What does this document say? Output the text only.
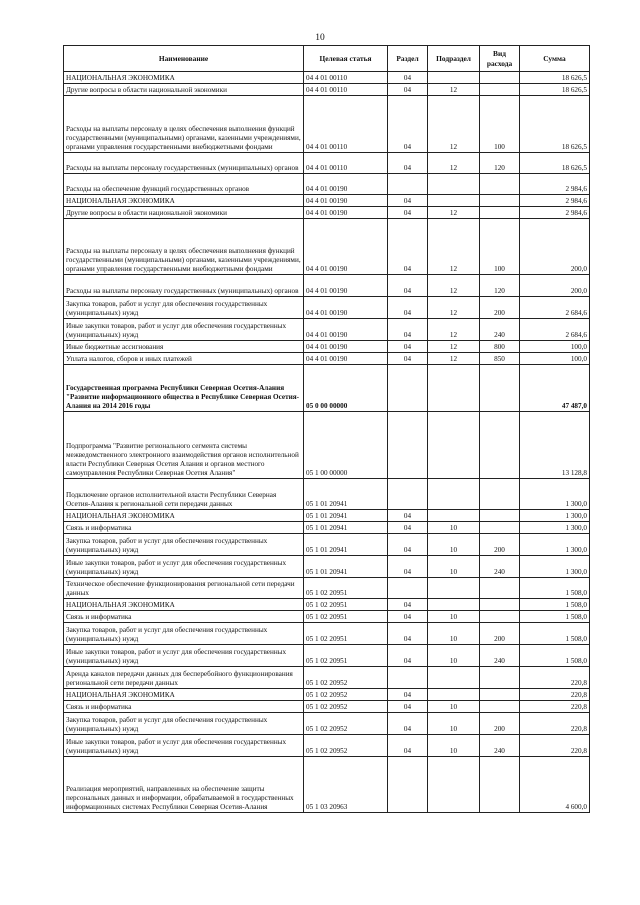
10
Наименование	Целевая статья	Раздел	Подраздел	Вид расхода	Сумма
НАЦИОНАЛЬНАЯ ЭКОНОМИКА	04 4 01 00110	04			18 626,5
Другие вопросы в области национальной экономики	04 4 01 00110	04	12		18 626,5
Расходы на выплаты персоналу в целях обеспечения выполнения функций государственными (муниципальными) органами, казенными учреждениями, органами управления государственными внебюджетными фондами	04 4 01 00110	04	12	100	18 626,5
Расходы на выплаты персоналу государственных (муниципальных) органов	04 4 01 00110	04	12	120	18 626,5
Расходы на обеспечение функций государственных органов	04 4 01 00190				2 984,6
НАЦИОНАЛЬНАЯ ЭКОНОМИКА	04 4 01 00190	04			2 984,6
Другие вопросы в области национальной экономики	04 4 01 00190	04	12		2 984,6
Расходы на выплаты персоналу в целях обеспечения выполнения функций государственными (муниципальными) органами, казенными учреждениями, органами управления государственными внебюджетными фондами	04 4 01 00190	04	12	100	200,0
Расходы на выплаты персоналу государственных (муниципальных) органов	04 4 01 00190	04	12	120	200,0
Закупка товаров, работ и услуг для обеспечения государственных (муниципальных) нужд	04 4 01 00190	04	12	200	2 684,6
Иные закупки товаров, работ и услуг для обеспечения государственных (муниципальных) нужд	04 4 01 00190	04	12	240	2 684,6
Иные бюджетные ассигнования	04 4 01 00190	04	12	800	100,0
Уплата налогов, сборов и иных платежей	04 4 01 00190	04	12	850	100,0
Государственная программа Республики Северная Осетия-Алания "Развитие информационного общества в Республике Северная Осетия-Алания на 2014 2016 годы	05 0 00 00000				47 487,0
Подпрограмма "Развитие регионального сегмента системы межведомственного электронного взаимодействия органов исполнительной власти Республики Северная Осетия Алания и органов местного самоуправления Республики Северная Осетия Алания"	05 1 00 00000				13 128,8
Подключение органов исполнительной власти Республики Северная Осетия-Алания к региональной сети передачи данных	05 1 01 20941				1 300,0
НАЦИОНАЛЬНАЯ ЭКОНОМИКА	05 1 01 20941	04			1 300,0
Связь и информатика	05 1 01 20941	04	10		1 300,0
Закупка товаров, работ и услуг для обеспечения государственных (муниципальных) нужд	05 1 01 20941	04	10	200	1 300,0
Иные закупки товаров, работ и услуг для обеспечения государственных (муниципальных) нужд	05 1 01 20941	04	10	240	1 300,0
Техническое обеспечение функционирования региональной сети передачи данных	05 1 02 20951				1 508,0
НАЦИОНАЛЬНАЯ ЭКОНОМИКА	05 1 02 20951	04			1 508,0
Связь и информатика	05 1 02 20951	04	10		1 508,0
Закупка товаров, работ и услуг для обеспечения государственных (муниципальных) нужд	05 1 02 20951	04	10	200	1 508,0
Иные закупки товаров, работ и услуг для обеспечения государственных (муниципальных) нужд	05 1 02 20951	04	10	240	1 508,0
Аренда каналов передачи данных для бесперебойного функционирования региональной сети передачи данных	05 1 02 20952				220,8
НАЦИОНАЛЬНАЯ ЭКОНОМИКА	05 1 02 20952	04			220,8
Связь и информатика	05 1 02 20952	04	10		220,8
Закупка товаров, работ и услуг для обеспечения государственных (муниципальных) нужд	05 1 02 20952	04	10	200	220,8
Иные закупки товаров, работ и услуг для обеспечения государственных (муниципальных) нужд	05 1 02 20952	04	10	240	220,8
Реализация мероприятий, направленных на обеспечение защиты персональных данных и информации, обрабатываемой в государственных информационных системах Республики Северная Осетия-Алания	05 1 03 20963				4 600,0
